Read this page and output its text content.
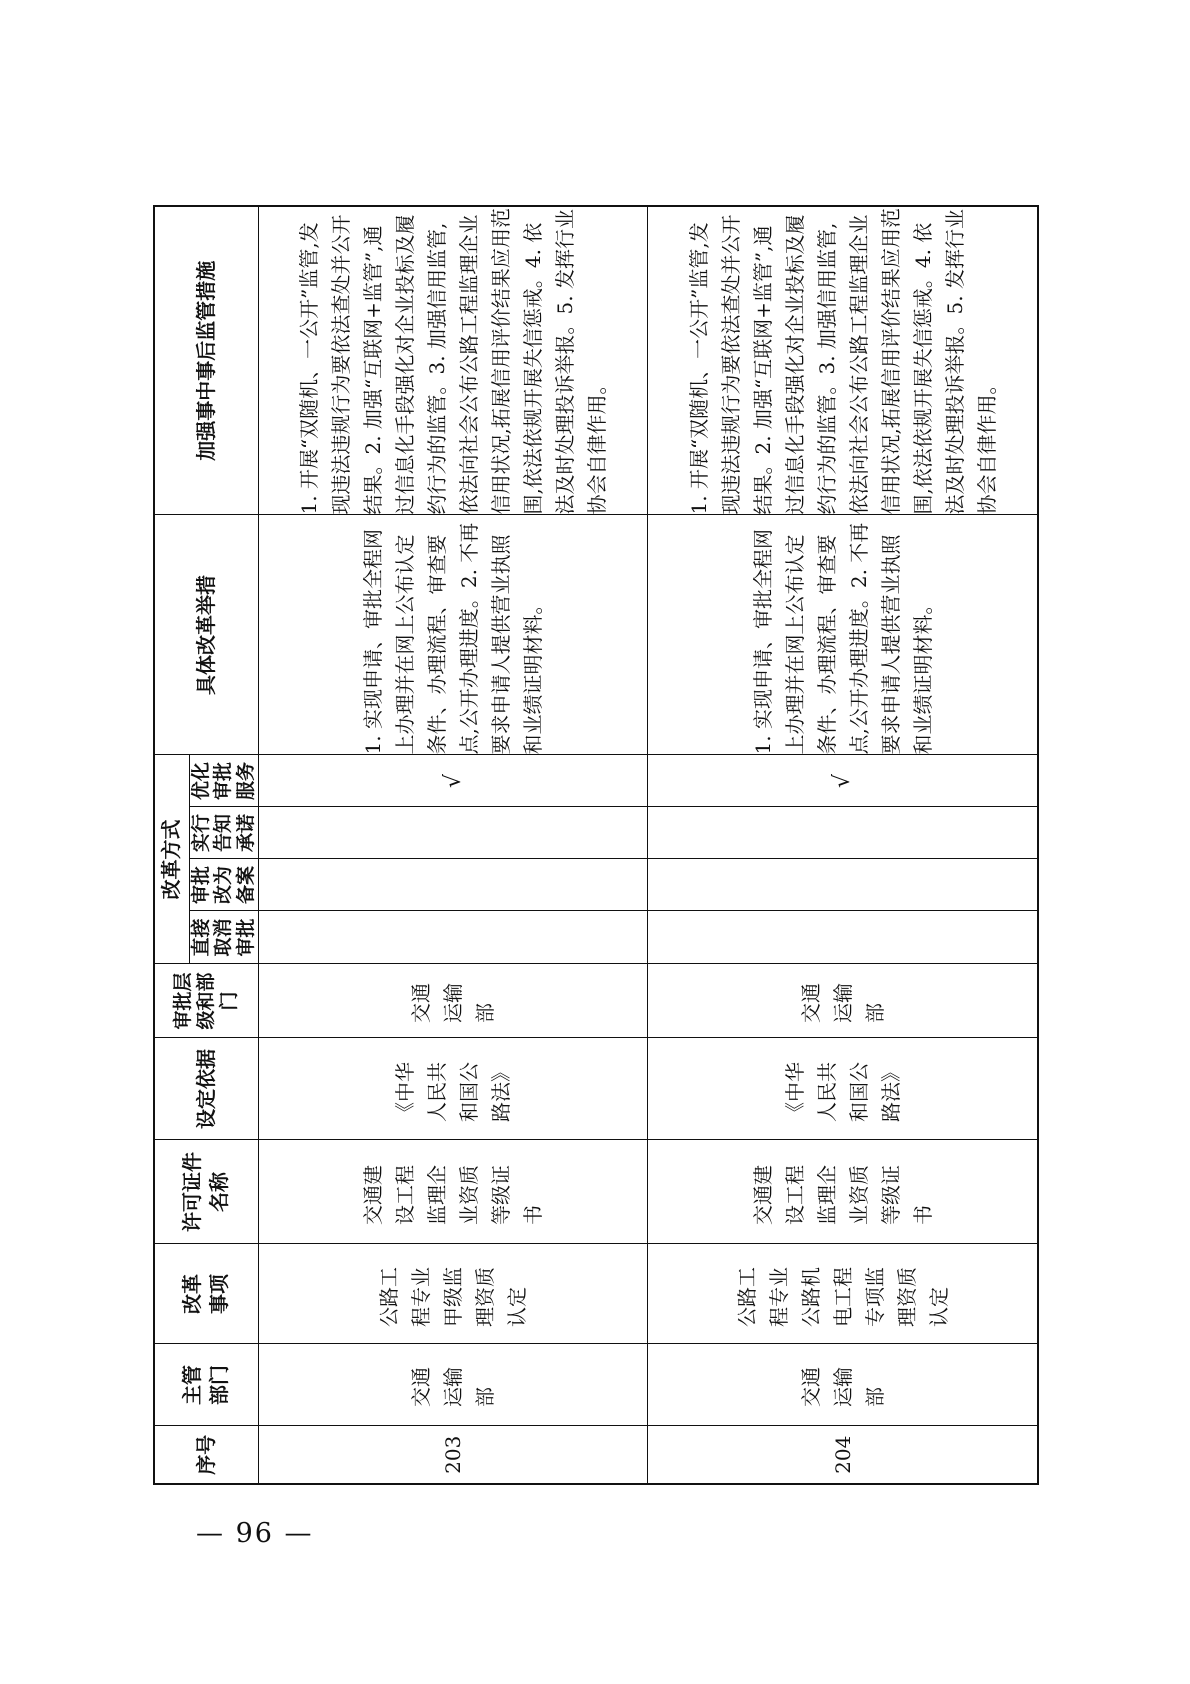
序号	主管部门	改革事项	许可证件名称	设定依据	审批层级和部门	改革方式				具体改革举措	加强事中事后监管措施

						直接取消审批	审批改为备案	实行告知承诺	优化审批服务		

203	交通运输部	公路工程专业甲级监理资质认定	交通建设工程监理企业资质等级证书	《中华人民共和国公路法》	交通运输部				√	1. 实现申请、审批全程网上办理并在网上公布认定条件、办理流程、审查要点,公开办理进度。2. 不再要求申请人提供营业执照和业绩证明材料。	1. 开展“双随机、一公开”监管,发现违法违规行为要依法查处并公开结果。2. 加强“互联网+监管”,通过信息化手段强化对企业投标及履约行为的监管。3. 加强信用监管,依法向社会公布公路工程监理企业信用状况,拓展信用评价结果应用范围,依法依规开展失信惩戒。4. 依法及时处理投诉举报。5. 发挥行业协会自律作用。
204	交通运输部	公路工程专业公路机电工程专项监理资质认定	交通建设工程监理企业资质等级证书	《中华人民共和国公路法》	交通运输部				√	1. 实现申请、审批全程网上办理并在网上公布认定条件、办理流程、审查要点,公开办理进度。2. 不再要求申请人提供营业执照和业绩证明材料。	1. 开展“双随机、一公开”监管,发现违法违规行为要依法查处并公开结果。2. 加强“互联网+监管”,通过信息化手段强化对企业投标及履约行为的监管。3. 加强信用监管,依法向社会公布公路工程监理企业信用状况,拓展信用评价结果应用范围,依法依规开展失信惩戒。4. 依法及时处理投诉举报。5. 发挥行业协会自律作用。
— 96 —
